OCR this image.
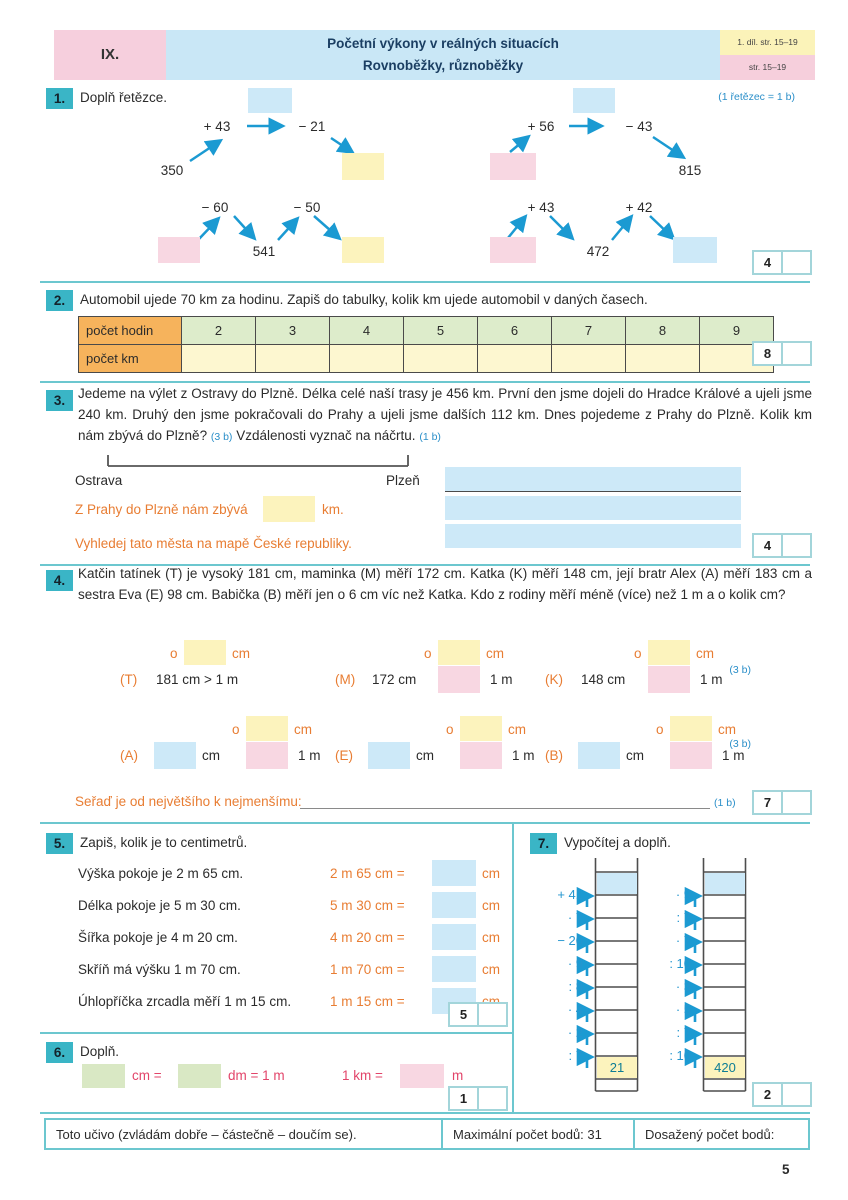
IX.
Početní výkony v reálných situacích
Rovnoběžky, různoběžky
1. díl. str. 15–19
str. 15–19
1.	Doplň řetězce.	(1 řetězec = 1 b)
350
+ 43	− 21
− 60
541
− 50
+ 56	− 43
815
+ 43
472
+ 42
4
2.	Automobil ujede 70 km za hodinu. Zapiš do tabulky, kolik km ujede automobil v daných časech.
počet hodin	2	3	4	5	6	7	8	9
počet km									8
3. Jedeme na výlet z Ostravy do Plzně. Délka celé naší trasy je 456 km. První den jsme dojeli do Hradce Králové a ujeli jsme 240 km. Druhý den jsme pokračovali do Prahy a ujeli jsme dalších 112 km. Dnes pojedeme z Prahy do Plzně. Kolik km nám zbývá do Plzně? (3 b) Vzdálenosti vyznač na náčrtu. (1 b)

Ostrava	Plzeň
Z Prahy do Plzně nám zbývá	km.
Vyhledej tato města na mapě České republiky.	4
4. Katčin tatínek (T) je vysoký 181 cm, maminka (M) měří 172 cm. Katka (K) měří 148 cm, její bratr Alex (A) měří 183 cm a sestra Eva (E) 98 cm. Babička (B) měří jen o 6 cm víc než Katka. Kdo z rodiny měří méně (více) než 1 m a o kolik cm?

o	cm
(T) 181 cm > 1 m
o	cm
(M) 172 cm	1 m
o	cm
(K) 148 cm	1 m
(3 b)
o	cm
(A)	cm	1 m
o	cm
(E)	cm	1 m
o	cm
(B)	cm	1 m
(3 b)
Seřaď je od největšího k nejmenšímu:	(1 b)	7
5.	Zapiš, kolik je to centimetrů.
Výška pokoje je 2 m 65 cm.	2 m 65 cm =	cm
Délka pokoje je 5 m 30 cm.	5 m 30 cm =	cm
Šířka pokoje je 4 m 20 cm.	4 m 20 cm =	cm
Skříň má výšku 1 m 70 cm.	1 m 70 cm =	cm
Úhlopříčka zrcadla měří 1 m 15 cm.	1 m 15 cm =
5
6.	Doplň.
cm =	dm = 1 m	1 km =	m
1
7.	Vypočítej a doplň.
+ 41
· 7
− 20
· 9
: 8
· 4
· 2
: 7
21
· 9
: 7
· 7
: 10
· 3
· 5
: 7
: 10
420
2
Toto učivo (zvládám dobře – částečně – doučím se).	Maximální počet bodů: 31	Dosažený počet bodů:
5
